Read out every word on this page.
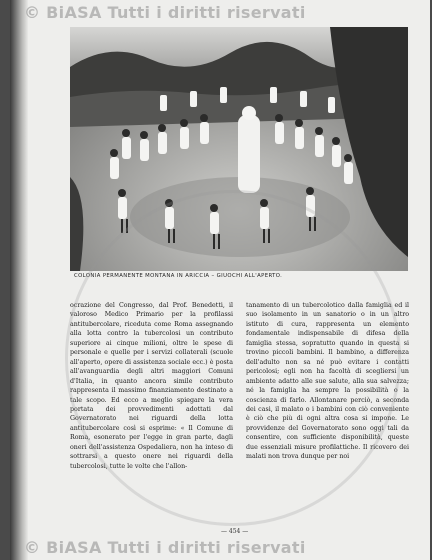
© BiASA Tutti i diritti riservati
COLONIA PERMANENTE MONTANA IN ARICCIA – GIUOCHI ALL'APERTO.

ocrazione del Congresso, dal Prof. Benedetti, il valoroso Medico Primario per la profilassi antitubercolare, riceduta come Roma assegnando alla lotta contro la tubercolosi un contributo superiore ai cinque milioni, oltre le spese di personale e quelle per i servizi collaterali (scuole all'aperto, opere di assistenza sociale ecc.) è posta all'avanguardia degli altri maggiori Comuni d'Italia, in quanto ancora simile contributo rappresenta il massimo finanziamento destinato a tale scopo. Ed ecco a meglio spiegare la vera portata dei provvedimenti adottati dal Governatorato nei riguardi della lotta antitubercolare così si esprime: « Il Comune di Roma, esonerato per l'egge in gran parte, dagli oneri dell'assistenza Ospedaliera, non ha inteso di sottrarsi a questo onere nei riguardi della tubercolosi, tutte le volte che l'allon-

tanamento di un tubercolotico dalla famiglia ed il suo isolamento in un sanatorio o in un altro istituto di cura, rappresenta un elemento fondamentale indispensabile di difesa della famiglia stessa, sopratutto quando in questa si trovino piccoli bambini. Il bambino, a differenza dell'adulto non sa né può evitare i contatti pericolosi; egli non ha facoltà di scegliersi un ambiente adatto alle sue salute, alla sua salvezza; né la famiglia ha sempre la possibilità o la coscienza di farlo. Allontanare perciò, a seconda dei casi, il malato o i bambini con ciò conveniente è ciò che più di ogni altra cosa si impone. Le provvidenze del Governatorato sono oggi tali da consentire, con sufficiente disponibilità, queste due essenziali misure profilattiche. Il ricovero dei malati non trova dunque per noi

— 454 —
© BiASA Tutti i diritti riservati
